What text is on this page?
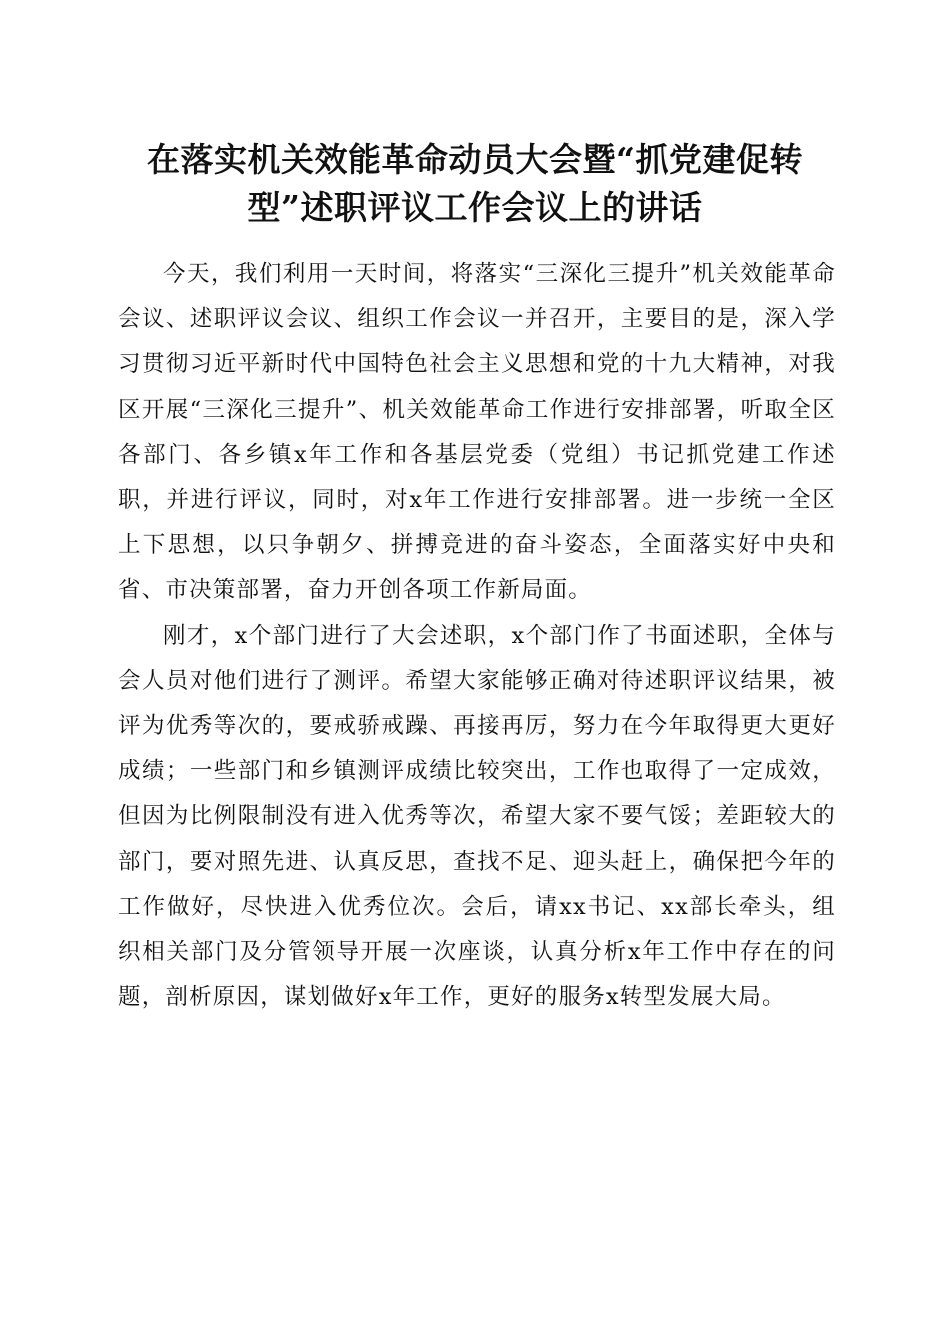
在落实机关效能革命动员大会暨“抓党建促转
型”述职评议工作会议上的讲话

今天，我们利用一天时间，将落实“三深化三提升”机关效能革命会议、述职评议会议、组织工作会议一并召开，主要目的是，深入学习贯彻习近平新时代中国特色社会主义思想和党的十九大精神，对我区开展“三深化三提升”、机关效能革命工作进行安排部署，听取全区各部门、各乡镇x年工作和各基层党委（党组）书记抓党建工作述职，并进行评议，同时，对x年工作进行安排部署。进一步统一全区上下思想，以只争朝夕、拼搏竞进的奋斗姿态，全面落实好中央和省、市决策部署，奋力开创各项工作新局面。

刚才，x个部门进行了大会述职，x个部门作了书面述职，全体与会人员对他们进行了测评。希望大家能够正确对待述职评议结果，被评为优秀等次的，要戒骄戒躁、再接再厉，努力在今年取得更大更好成绩；一些部门和乡镇测评成绩比较突出，工作也取得了一定成效，但因为比例限制没有进入优秀等次，希望大家不要气馁；差距较大的部门，要对照先进、认真反思，查找不足、迎头赶上，确保把今年的工作做好，尽快进入优秀位次。会后，请xx书记、xx部长牵头，组织相关部门及分管领导开展一次座谈，认真分析x年工作中存在的问题，剖析原因，谋划做好x年工作，更好的服务x转型发展大局。
